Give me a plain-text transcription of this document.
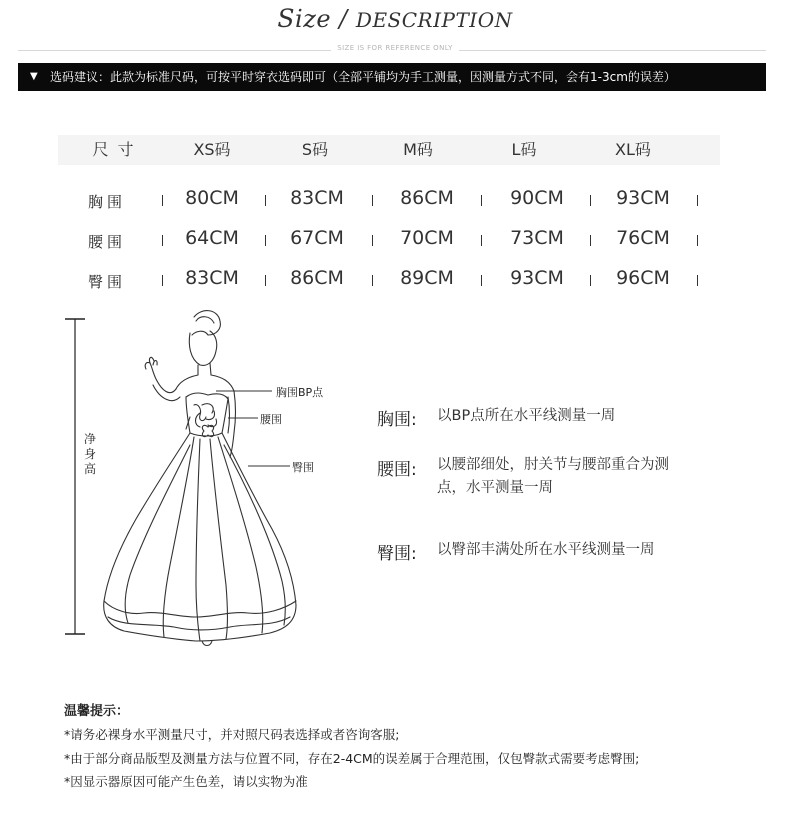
Size / DESCRIPTION
SIZE IS FOR REFERENCE ONLY
▼ 选码建议：此款为标准尺码，可按平时穿衣选码即可（全部平铺均为手工测量，因测量方式不同，会有1-3cm的误差）
尺 寸	XS码	S码	M码	L码	XL码
胸围	80CM	83CM	86CM	90CM	93CM
腰围	64CM	67CM	70CM	73CM	76CM
臀围	83CM	86CM	89CM	93CM	96CM
净
身
高
胸围BP点
腰围
臀围
胸围: 以BP点所在水平线测量一周
腰围: 以腰部细处，肘关节与腰部重合为测
点，水平测量一周
臀围: 以臀部丰满处所在水平线测量一周
温馨提示：
*请务必裸身水平测量尺寸，并对照尺码表选择或者咨询客服;
*由于部分商品版型及测量方法与位置不同，存在2-4CM的误差属于合理范围，仅包臀款式需要考虑臀围;
*因显示器原因可能产生色差，请以实物为准
